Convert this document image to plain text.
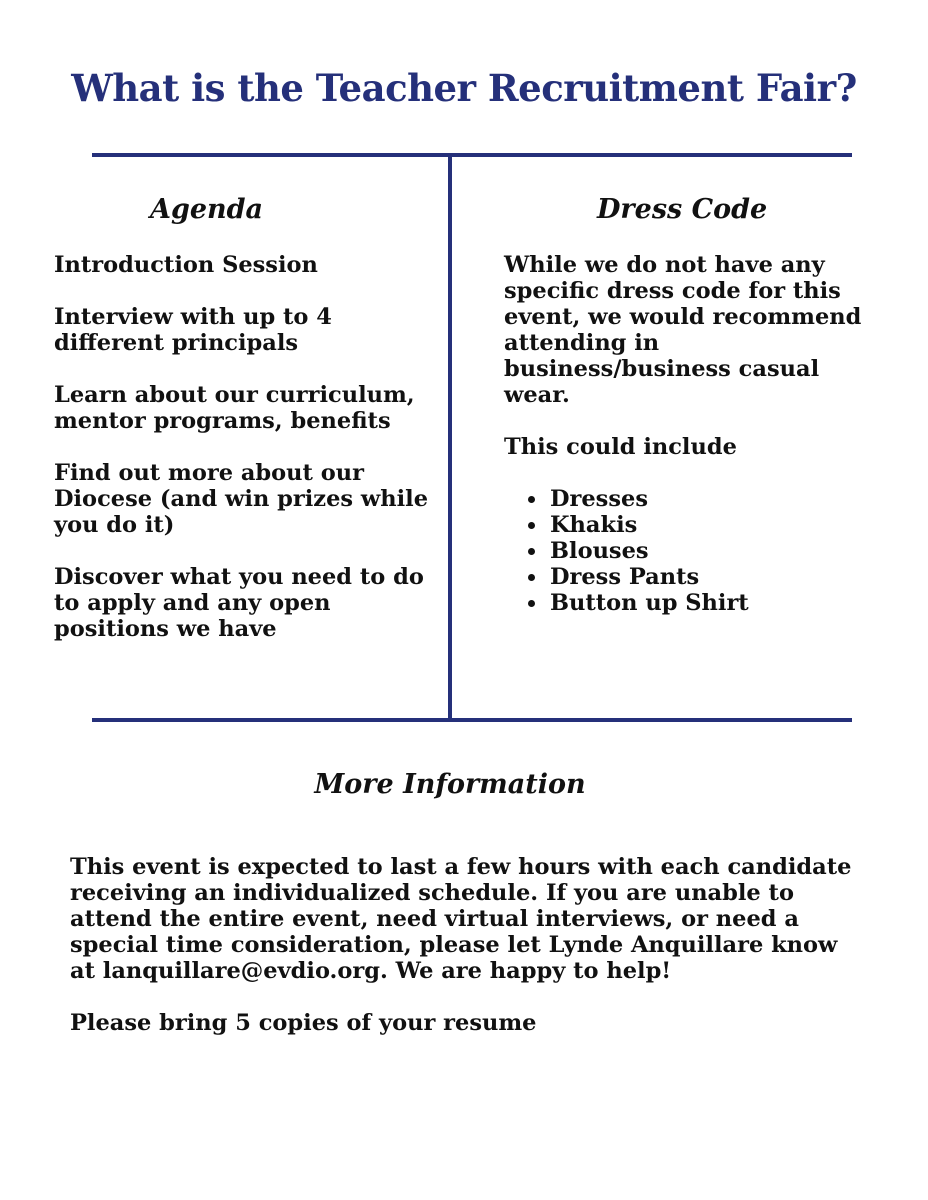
What is the Teacher Recruitment Fair?
Agenda	Dress Code
Introduction Session
Interview with up to 4 different principals
Learn about our curriculum, mentor programs, benefits
Find out more about our Diocese (and win prizes while you do it)
Discover what you need to do to apply and any open positions we have

While we do not have any specific dress code for this event, we would recommend attending in business/business casual wear.

This could include

Dresses
Khakis
Blouses
Dress Pants
Button up Shirt
More Information

This event is expected to last a few hours with each candidate receiving an individualized schedule. If you are unable to attend the entire event, need virtual interviews, or need a special time consideration, please let Lynde Anquillare know at lanquillare@evdio.org. We are happy to help!

Please bring 5 copies of your resume
